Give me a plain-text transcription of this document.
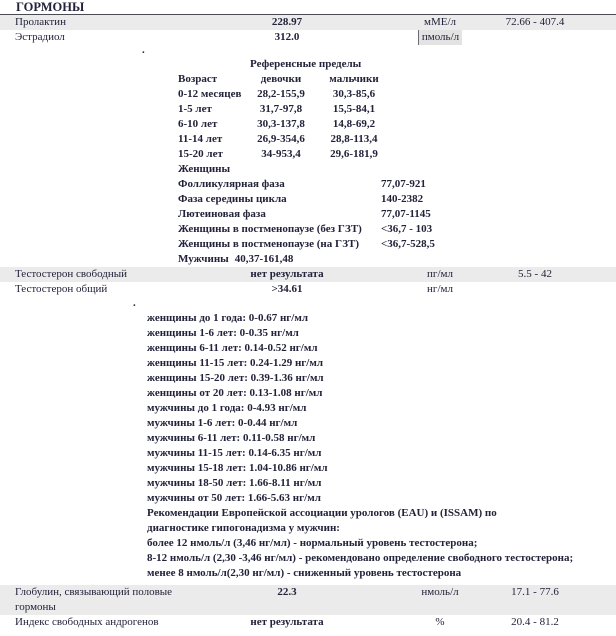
ГОРМОНЫ
Пролактин	228.97	мМЕ/л	72.66 - 407.4
Эстрадиол	312.0	пмоль/л
.
Референсные пределы
Возраст	девочки	мальчики
0-12 месяцев	28,2-155,9	30,3-85,6
1-5 лет	31,7-97,8	15,5-84,1
6-10 лет	30,3-137,8	14,8-69,2
11-14 лет	26,9-354,6	28,8-113,4
15-20 лет	34-953,4	29,6-181,9
Женщины
Фолликулярная фаза	77,07-921
Фаза середины цикла	140-2382
Лютеиновая фаза	77,07-1145
Женщины в постменопаузе (без ГЗТ) <36,7 - 103
Женщины в постменопаузе (на ГЗТ) <36,7-528,5
Мужчины 40,37-161,48
Тестостерон свободный	нет результата	пг/мл	5.5 - 42
Тестостерон общий	>34.61	нг/мл
.
женщины до 1 года: 0-0.67 нг/мл
женщины 1-6 лет: 0-0.35 нг/мл
женщины 6-11 лет: 0.14-0.52 нг/мл
женщины 11-15 лет: 0.24-1.29 нг/мл
женщины 15-20 лет: 0.39-1.36 нг/мл
женщины от 20 лет: 0.13-1.08 нг/мл
мужчины до 1 года: 0-4.93 нг/мл
мужчины 1-6 лет: 0-0.44 нг/мл
мужчины 6-11 лет: 0.11-0.58 нг/мл
мужчины 11-15 лет: 0.14-6.35 нг/мл
мужчины 15-18 лет: 1.04-10.86 нг/мл
мужчины 18-50 лет: 1.66-8.11 нг/мл
мужчины от 50 лет: 1.66-5.63 нг/мл
Рекомендации Европейской ассоциации урологов (EAU) и (ISSAM) по
диагностике гипогонадизма у мужчин:
более 12 нмоль/л (3,46 нг/мл) - нормальный уровень тестостерона;
8-12 нмоль/л (2,30 -3,46 нг/мл) - рекомендовано определение свободного тестостерона;
менее 8 нмоль/л(2,30 нг/мл) - сниженный уровень тестостерона
Глобулин, связывающий половые гормоны
22.3	нмоль/л	17.1 - 77.6
Индекс свободных андрогенов	нет результата	%	20.4 - 81.2
